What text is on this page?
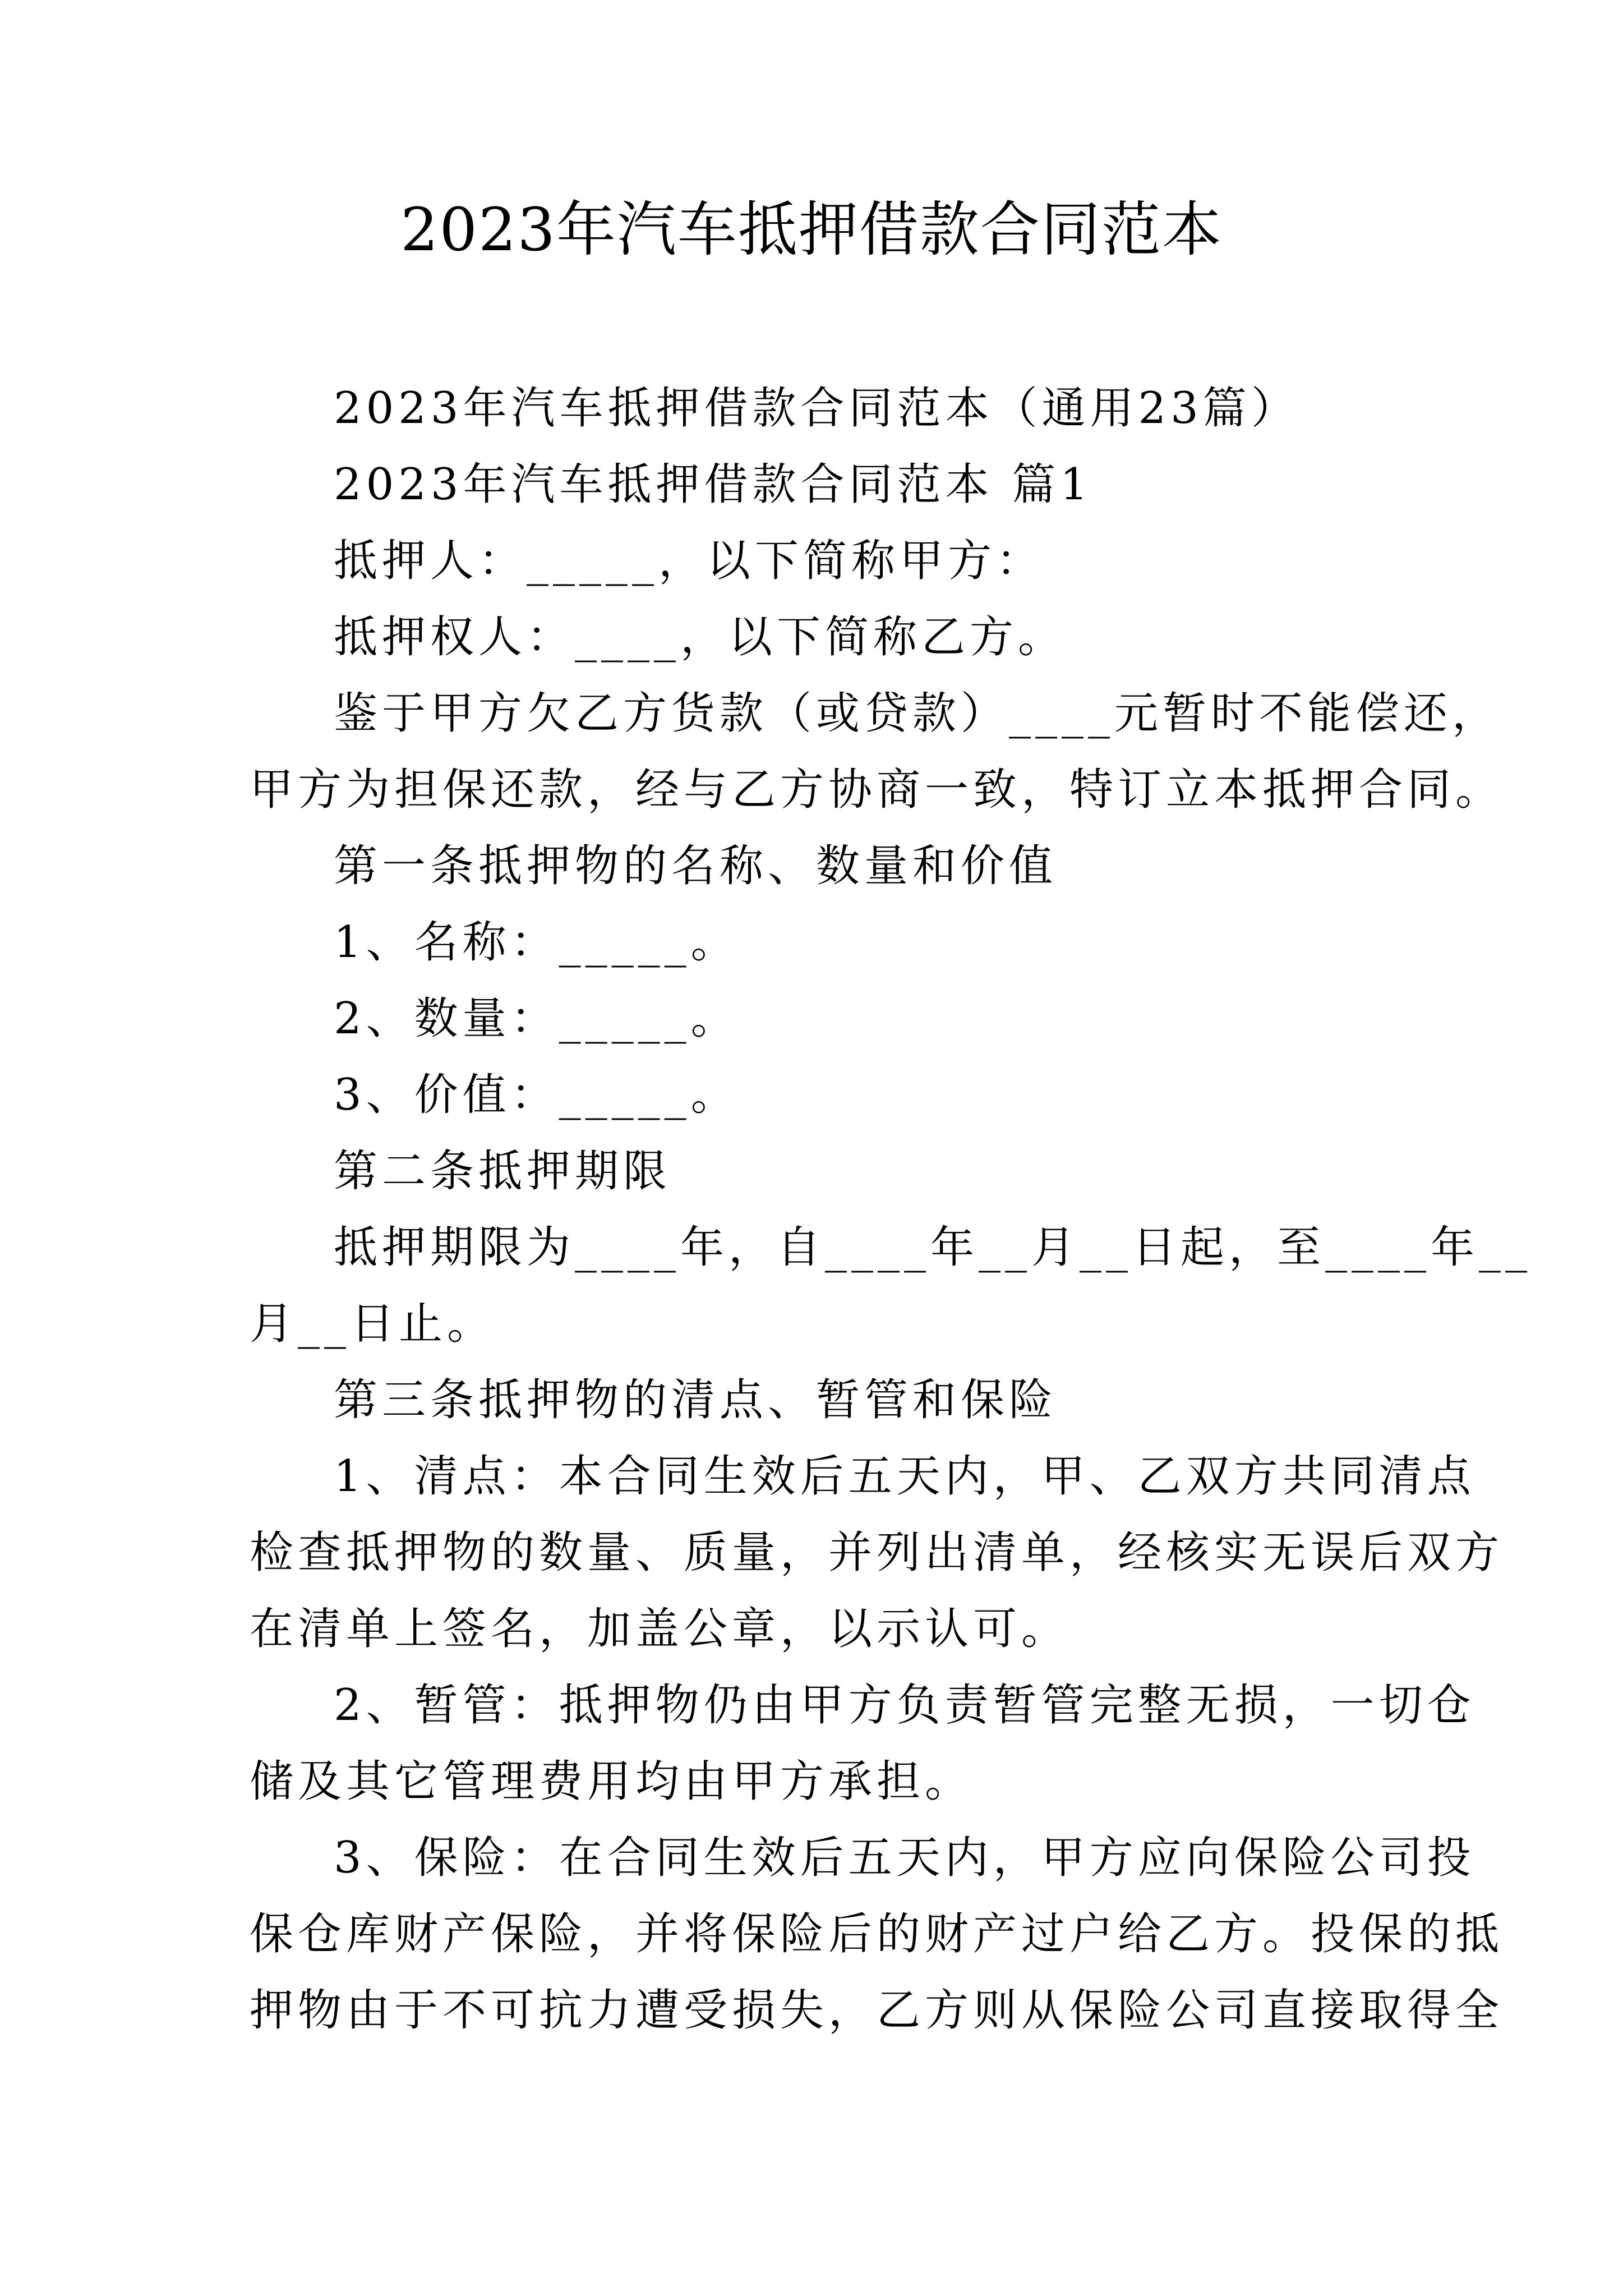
2023年汽车抵押借款合同范本
2023年汽车抵押借款合同范本（通用23篇）
2023年汽车抵押借款合同范本 篇1
抵押人：_____，以下简称甲方：
抵押权人：____，以下简称乙方。
鉴于甲方欠乙方货款（或贷款）____元暂时不能偿还，
甲方为担保还款，经与乙方协商一致，特订立本抵押合同。
第一条抵押物的名称、数量和价值
1、名称：_____。
2、数量：_____。
3、价值：_____。
第二条抵押期限
抵押期限为____年，自____年__月__日起，至____年__
月__日止。
第三条抵押物的清点、暂管和保险
1、清点：本合同生效后五天内，甲、乙双方共同清点
检查抵押物的数量、质量，并列出清单，经核实无误后双方
在清单上签名，加盖公章，以示认可。
2、暂管：抵押物仍由甲方负责暂管完整无损，一切仓
储及其它管理费用均由甲方承担。
3、保险：在合同生效后五天内，甲方应向保险公司投
保仓库财产保险，并将保险后的财产过户给乙方。投保的抵
押物由于不可抗力遭受损失，乙方则从保险公司直接取得全
